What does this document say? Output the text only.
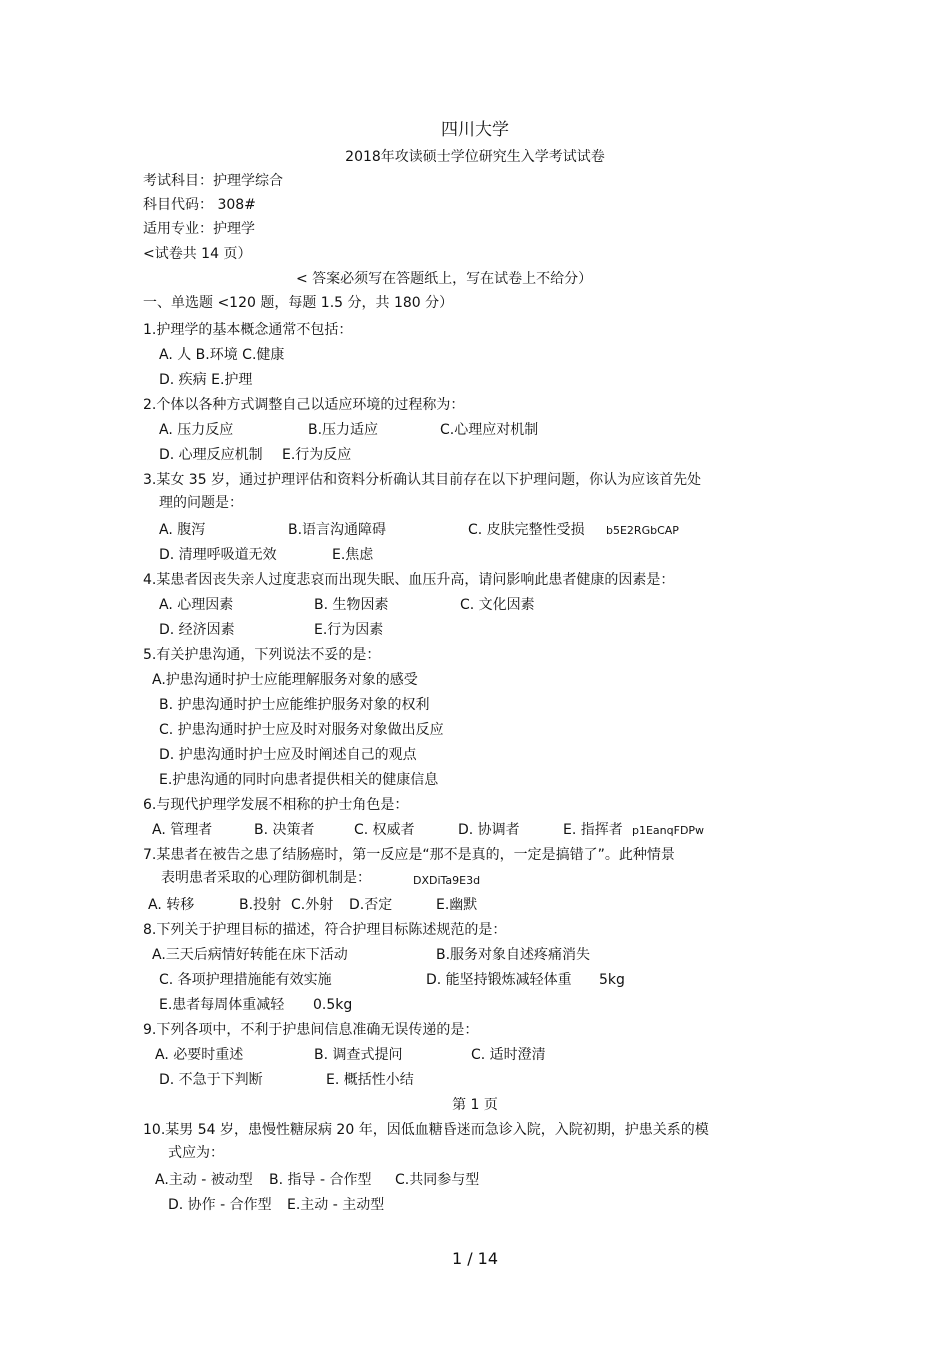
四川大学
2018年攻读硕士学位研究生入学考试试卷
考试科目：护理学综合
科目代码： 308#
适用专业：护理学
<试卷共 14 页）
< 答案必须写在答题纸上，写在试卷上不给分）
一、单选题 <120 题，每题 1.5 分，共 180 分）
1.护理学的基本概念通常不包括：
A. 人 B.环境 C.健康
D. 疾病 E.护理
2.个体以各种方式调整自己以适应环境的过程称为：
A. 压力反应	B.压力适应	C.心理应对机制
D. 心理反应机制 E.行为反应
3.某女 35 岁，通过护理评估和资料分析确认其目前存在以下护理问题，你认为应该首先处
理的问题是：
A. 腹泻	B.语言沟通障碍	C. 皮肤完整性受损 b5E2RGbCAP
D. 清理呼吸道无效	E.焦虑
4.某患者因丧失亲人过度悲哀而出现失眠、血压升高，请问影响此患者健康的因素是：
A. 心理因素	B. 生物因素	C. 文化因素
D. 经济因素	E.行为因素
5.有关护患沟通，下列说法不妥的是：
A.护患沟通时护士应能理解服务对象的感受
B. 护患沟通时护士应能维护服务对象的权利
C. 护患沟通时护士应及时对服务对象做出反应
D. 护患沟通时护士应及时阐述自己的观点
E.护患沟通的同时向患者提供相关的健康信息
6.与现代护理学发展不相称的护士角色是：
A. 管理者	B. 决策者	C. 权威者	D. 协调者	E. 指挥者 p1EanqFDPw
7.某患者在被告之患了结肠癌时，第一反应是“那不是真的，一定是搞错了”。此种情景
表明患者采取的心理防御机制是：	DXDiTa9E3d
A. 转移	B.投射 C.外射 D.否定	E.幽默
8.下列关于护理目标的描述，符合护理目标陈述规范的是：
A.三天后病情好转能在床下活动	B.服务对象自述疼痛消失
C. 各项护理措施能有效实施	D. 能坚持锻炼减轻体重 5kg
E.患者每周体重减轻 0.5kg
9.下列各项中，不利于护患间信息准确无误传递的是：
A. 必要时重述	B. 调查式提问	C. 适时澄清
D. 不急于下判断	E. 概括性小结
第 1 页
10.某男 54 岁，患慢性糖尿病 20 年，因低血糖昏迷而急诊入院，入院初期，护患关系的模
式应为：
A.主动 - 被动型 B. 指导 - 合作型 C.共同参与型
D. 协作 - 合作型 E.主动 - 主动型
1 / 14
